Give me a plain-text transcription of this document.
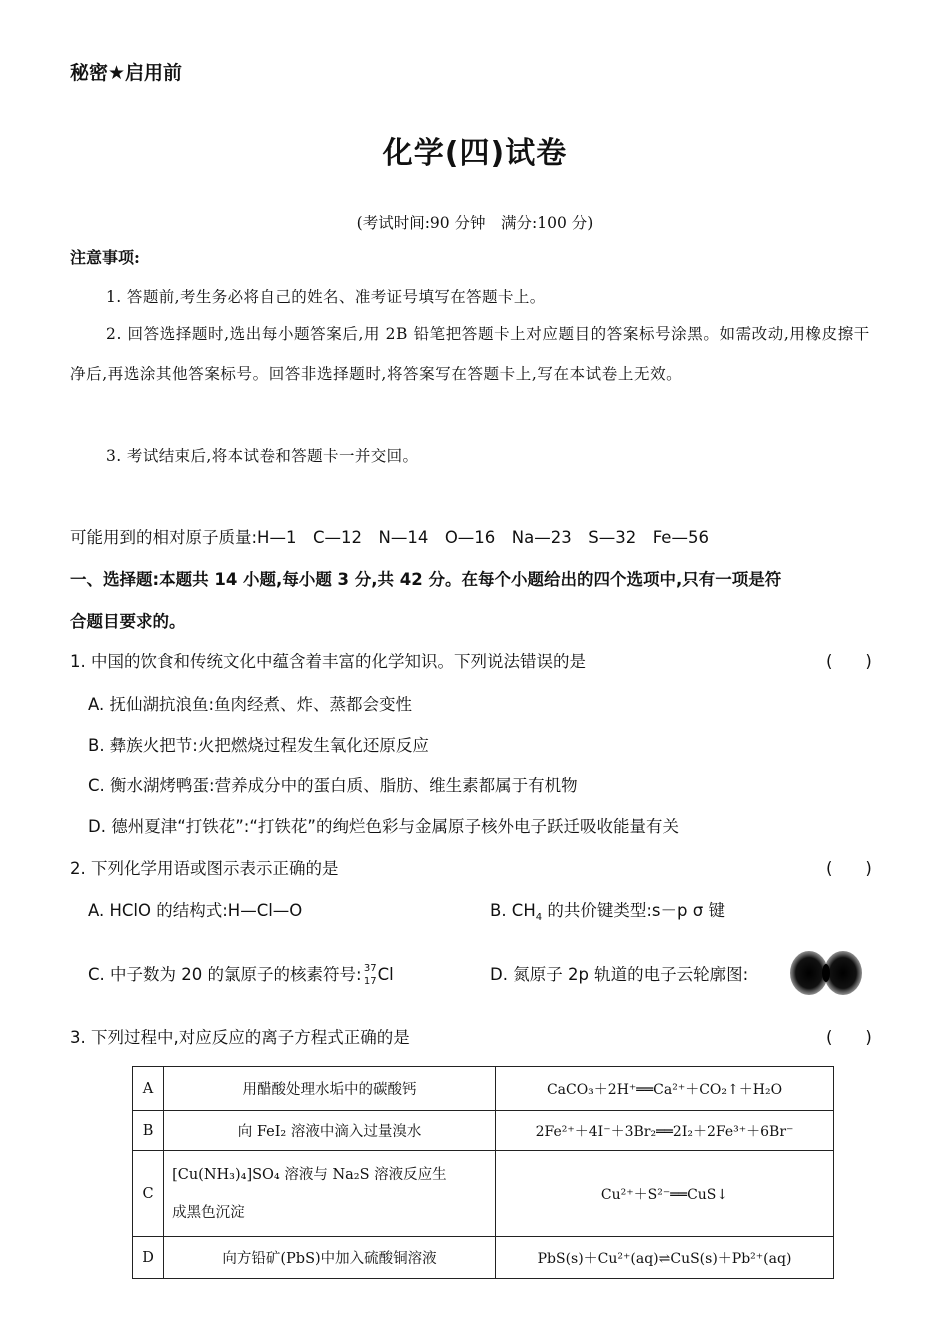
秘密★启用前
化学(四)试卷
(考试时间:90 分钟　满分:100 分)
注意事项:
1. 答题前,考生务必将自己的姓名、准考证号填写在答题卡上。
2. 回答选择题时,选出每小题答案后,用 2B 铅笔把答题卡上对应题目的答案标号涂黑。如需改动,用橡皮擦干净后,再选涂其他答案标号。回答非选择题时,将答案写在答题卡上,写在本试卷上无效。
3. 考试结束后,将本试卷和答题卡一并交回。
可能用到的相对原子质量:H—1　C—12　N—14　O—16　Na—23　S—32　Fe—56
一、选择题:本题共 14 小题,每小题 3 分,共 42 分。在每个小题给出的四个选项中,只有一项是符
合题目要求的。
1. 中国的饮食和传统文化中蕴含着丰富的化学知识。下列说法错误的是	(　　)
A. 抚仙湖抗浪鱼:鱼肉经煮、炸、蒸都会变性
B. 彝族火把节:火把燃烧过程发生氧化还原反应
C. 衡水湖烤鸭蛋:营养成分中的蛋白质、脂肪、维生素都属于有机物
D. 德州夏津“打铁花”:“打铁花”的绚烂色彩与金属原子核外电子跃迁吸收能量有关
2. 下列化学用语或图示表示正确的是	(　　)
A. HClO 的结构式:H—Cl—O	B. $CH_4$ 的共价键类型:s－p σ 键
C. 中子数为 20 的氯原子的核素符号: 37
17 Cl	D. 氮原子 2p 轨道的电子云轮廓图:
3. 下列过程中,对应反应的离子方程式正确的是	(　　)
A	用醋酸处理水垢中的碳酸钙	CaCO₃＋2H⁺══Ca²⁺＋CO₂↑＋H₂O
B	向 FeI₂ 溶液中滴入过量溴水	2Fe²⁺＋4I⁻＋3Br₂══2I₂＋2Fe³⁺＋6Br⁻
C	[Cu(NH₃)₄]SO₄ 溶液与 Na₂S 溶液反应生
成黑色沉淀	Cu²⁺＋S²⁻══CuS↓
D	向方铅矿(PbS)中加入硫酸铜溶液	PbS(s)＋Cu²⁺(aq)⇌CuS(s)＋Pb²⁺(aq)
